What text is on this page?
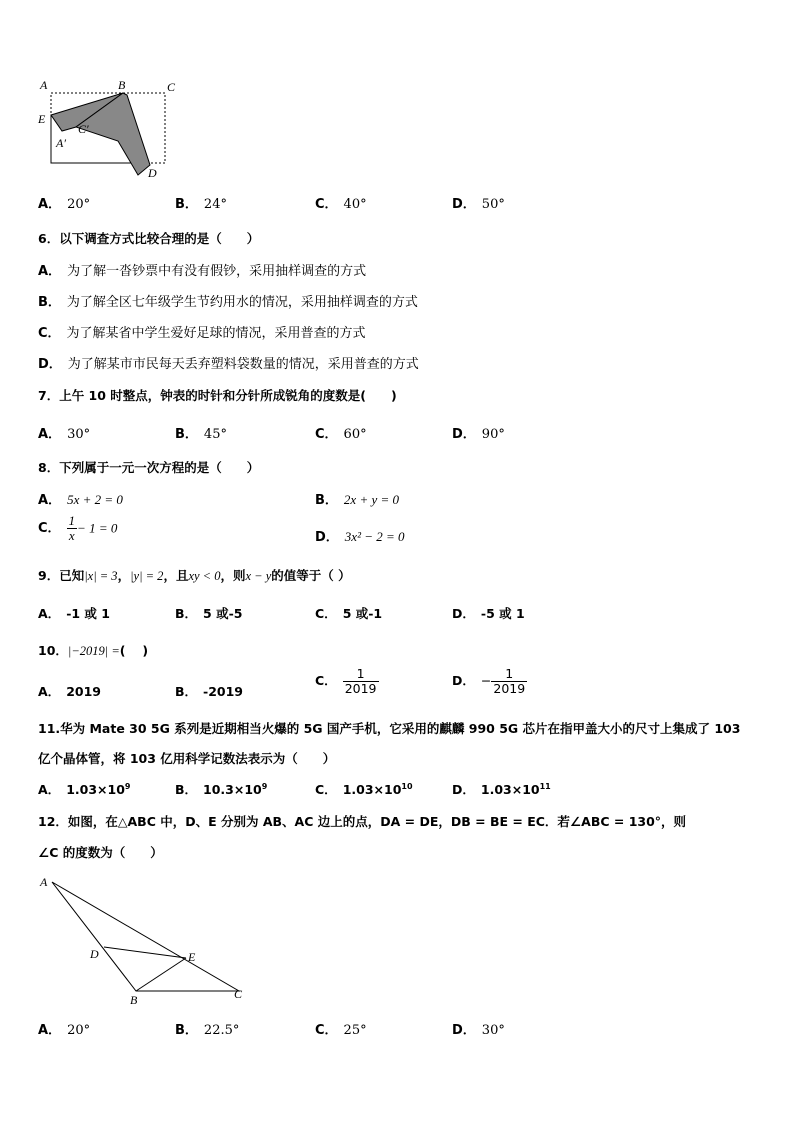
A	B	C
E
C′
A′
D
A． 20°	B． 24°	C． 40°	D． 50°
6．以下调查方式比较合理的是（　　）
A． 为了解一沓钞票中有没有假钞，采用抽样调查的方式
B． 为了解全区七年级学生节约用水的情况，采用抽样调查的方式
C． 为了解某省中学生爱好足球的情况，采用普查的方式
D． 为了解某市市民每天丢弃塑料袋数量的情况，采用普查的方式
7．上午 10 时整点，钟表的时针和分针所成锐角的度数是(　　)
A． 30°	B． 45°	C． 60°	D． 90°
8．下列属于一元一次方程的是（　　）
A． 5x + 2 = 0	B． 2x + y = 0
C． $\frac{1}{x} - 1 = 0$
D． 3x² − 2 = 0
9．已知|x| = 3，|y| = 2，且xy < 0，则x − y的值等于（ ）
A． -1 或 1	B． 5 或-5	C． 5 或-1	D． -5 或 1
10．|−2019| =(　 )
A． 2019	B． -2019
C． $\frac{1}{2019}$	D． − $\frac{1}{2019}$
11.华为 Mate 30 5G 系列是近期相当火爆的 5G 国产手机，它采用的麒麟 990 5G 芯片在指甲盖大小的尺寸上集成了 103
亿个晶体管，将 103 亿用科学记数法表示为（　　）
A． $1.03\times 10^9$	B． $10.3\times 10^9$	C． $1.03\times 10^{10}$	D． $1.03\times 10^{11}$
12．如图，在△ABC 中，D、E 分别为 AB、AC 边上的点，DA = DE，DB = BE = EC．若∠ABC = 130°，则
∠C 的度数为（　　）
A
D	E
B	C
A． 20°	B． 22.5°	C． 25°	D． 30°
